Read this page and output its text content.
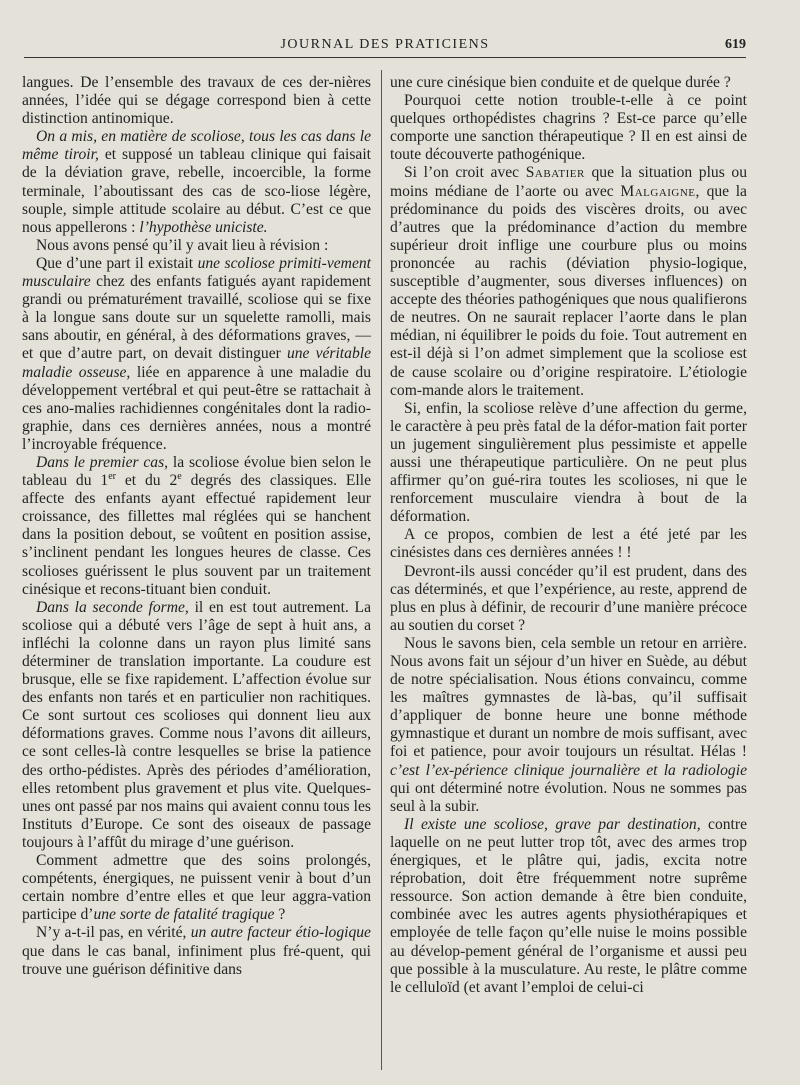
JOURNAL DES PRATICIENS	619

langues. De l’ensemble des travaux de ces der-nières années, l’idée qui se dégage correspond bien à cette distinction antinomique.

On a mis, en matière de scoliose, tous les cas dans le même tiroir, et supposé un tableau clinique qui faisait de la déviation grave, rebelle, incoercible, la forme terminale, l’aboutissant des cas de sco-liose légère, souple, simple attitude scolaire au début. C’est ce que nous appellerons : l’hypothèse uniciste.

Nous avons pensé qu’il y avait lieu à révision :

Que d’une part il existait une scoliose primiti-vement musculaire chez des enfants fatigués ayant rapidement grandi ou prématurément travaillé, scoliose qui se fixe à la longue sans doute sur un squelette ramolli, mais sans aboutir, en général, à des déformations graves, — et que d’autre part, on devait distinguer une véritable maladie osseuse, liée en apparence à une maladie du développement vertébral et qui peut-être se rattachait à ces ano-malies rachidiennes congénitales dont la radio-graphie, dans ces dernières années, nous a montré l’incroyable fréquence.

Dans le premier cas, la scoliose évolue bien selon le tableau du 1er et du 2e degrés des classiques. Elle affecte des enfants ayant effectué rapidement leur croissance, des fillettes mal réglées qui se hanchent dans la position debout, se voûtent en position assise, s’inclinent pendant les longues heures de classe. Ces scolioses guérissent le plus souvent par un traitement cinésique et recons-tituant bien conduit.

Dans la seconde forme, il en est tout autrement. La scoliose qui a débuté vers l’âge de sept à huit ans, a infléchi la colonne dans un rayon plus limité sans déterminer de translation importante. La coudure est brusque, elle se fixe rapidement. L’affection évolue sur des enfants non tarés et en particulier non rachitiques. Ce sont surtout ces scolioses qui donnent lieu aux déformations graves. Comme nous l’avons dit ailleurs, ce sont celles-là contre lesquelles se brise la patience des ortho-pédistes. Après des périodes d’amélioration, elles retombent plus gravement et plus vite. Quelques-unes ont passé par nos mains qui avaient connu tous les Instituts d’Europe. Ce sont des oiseaux de passage toujours à l’affût du mirage d’une guérison.

Comment admettre que des soins prolongés, compétents, énergiques, ne puissent venir à bout d’un certain nombre d’entre elles et que leur aggra-vation participe d’une sorte de fatalité tragique ?

N’y a-t-il pas, en vérité, un autre facteur étio-logique que dans le cas banal, infiniment plus fré-quent, qui trouve une guérison définitive dans

une cure cinésique bien conduite et de quelque durée ?

Pourquoi cette notion trouble-t-elle à ce point quelques orthopédistes chagrins ? Est-ce parce qu’elle comporte une sanction thérapeutique ? Il en est ainsi de toute découverte pathogénique.

Si l’on croit avec Sabatier que la situation plus ou moins médiane de l’aorte ou avec Malgaigne, que la prédominance du poids des viscères droits, ou avec d’autres que la prédominance d’action du membre supérieur droit inflige une courbure plus ou moins prononcée au rachis (déviation physio-logique, susceptible d’augmenter, sous diverses influences) on accepte des théories pathogéniques que nous qualifierons de neutres. On ne saurait replacer l’aorte dans le plan médian, ni équilibrer le poids du foie. Tout autrement en est-il déjà si l’on admet simplement que la scoliose est de cause scolaire ou d’origine respiratoire. L’étiologie com-mande alors le traitement.

Si, enfin, la scoliose relève d’une affection du germe, le caractère à peu près fatal de la défor-mation fait porter un jugement singulièrement plus pessimiste et appelle aussi une thérapeutique particulière. On ne peut plus affirmer qu’on gué-rira toutes les scolioses, ni que le renforcement musculaire viendra à bout de la déformation.

A ce propos, combien de lest a été jeté par les cinésistes dans ces dernières années ! !

Devront-ils aussi concéder qu’il est prudent, dans des cas déterminés, et que l’expérience, au reste, apprend de plus en plus à définir, de recourir d’une manière précoce au soutien du corset ?

Nous le savons bien, cela semble un retour en arrière. Nous avons fait un séjour d’un hiver en Suède, au début de notre spécialisation. Nous étions convaincu, comme les maîtres gymnastes de là-bas, qu’il suffisait d’appliquer de bonne heure une bonne méthode gymnastique et durant un nombre de mois suffisant, avec foi et patience, pour avoir toujours un résultat. Hélas ! c’est l’ex-périence clinique journalière et la radiologie qui ont déterminé notre évolution. Nous ne sommes pas seul à la subir.

Il existe une scoliose, grave par destination, contre laquelle on ne peut lutter trop tôt, avec des armes trop énergiques, et le plâtre qui, jadis, excita notre réprobation, doit être fréquemment notre suprême ressource. Son action demande à être bien conduite, combinée avec les autres agents physiothérapiques et employée de telle façon qu’elle nuise le moins possible au dévelop-pement général de l’organisme et aussi peu que possible à la musculature. Au reste, le plâtre comme le celluloïd (et avant l’emploi de celui-ci
